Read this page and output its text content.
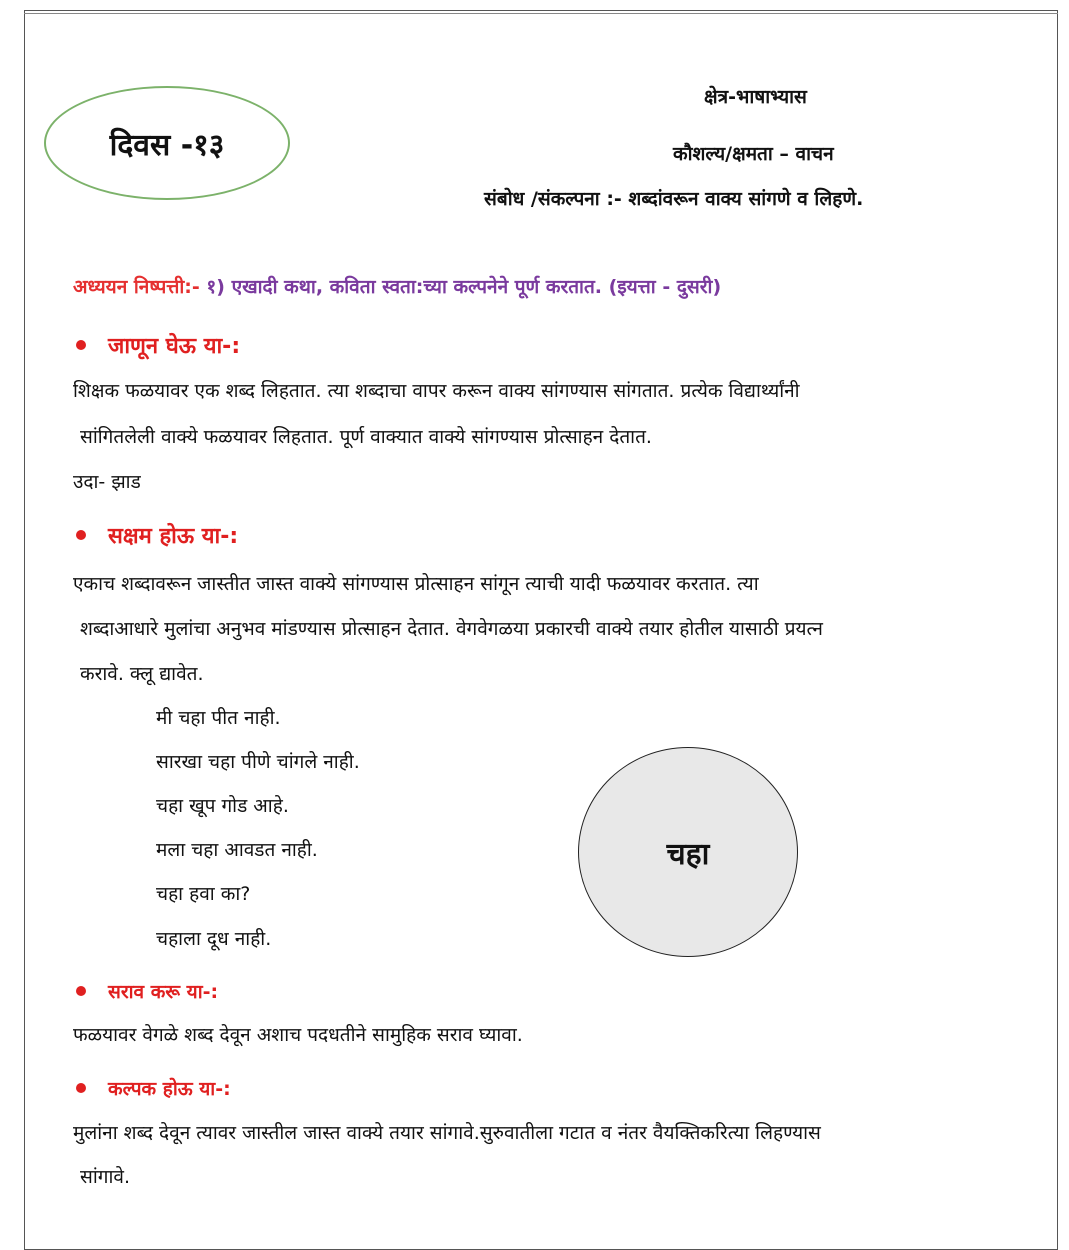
दिवस -१३
क्षेत्र-भाषाभ्यास
कौशल्य/क्षमता – वाचन
संबोध /संकल्पना :- शब्दांवरून वाक्य सांगणे व लिहणे.
अध्ययन निष्पत्ती:- १) एखादी कथा, कविता स्वता:च्या कल्पनेने पूर्ण करतात. (इयत्ता - दुसरी)
जाणून घेऊ या-:
शिक्षक फळयावर एक शब्द लिहतात. त्या शब्दाचा वापर करून वाक्य सांगण्यास सांगतात. प्रत्येक विद्यार्थ्यांनी
सांगितलेली वाक्ये फळयावर लिहतात. पूर्ण वाक्यात वाक्ये सांगण्यास प्रोत्साहन देतात.
उदा- झाड
सक्षम होऊ या-:
एकाच शब्दावरून जास्तीत जास्त वाक्ये सांगण्यास प्रोत्साहन सांगून त्याची यादी फळयावर करतात. त्या
शब्दाआधारे मुलांचा अनुभव मांडण्यास प्रोत्साहन देतात. वेगवेगळया प्रकारची वाक्ये तयार होतील यासाठी प्रयत्न
करावे. क्लू द्यावेत.
मी चहा पीत नाही.
सारखा चहा पीणे चांगले नाही.
चहा खूप गोड आहे.
मला चहा आवडत नाही.
चहा हवा का?
चहाला दूध नाही.
चहा
सराव करू या-:
फळयावर वेगळे शब्द देवून अशाच पदधतीने सामुहिक सराव घ्यावा.
कल्पक होऊ या-:
मुलांना शब्द देवून त्यावर जास्तील जास्त वाक्ये तयार सांगावे.सुरुवातीला गटात व नंतर वैयक्तिकरित्या लिहण्यास
सांगावे.
